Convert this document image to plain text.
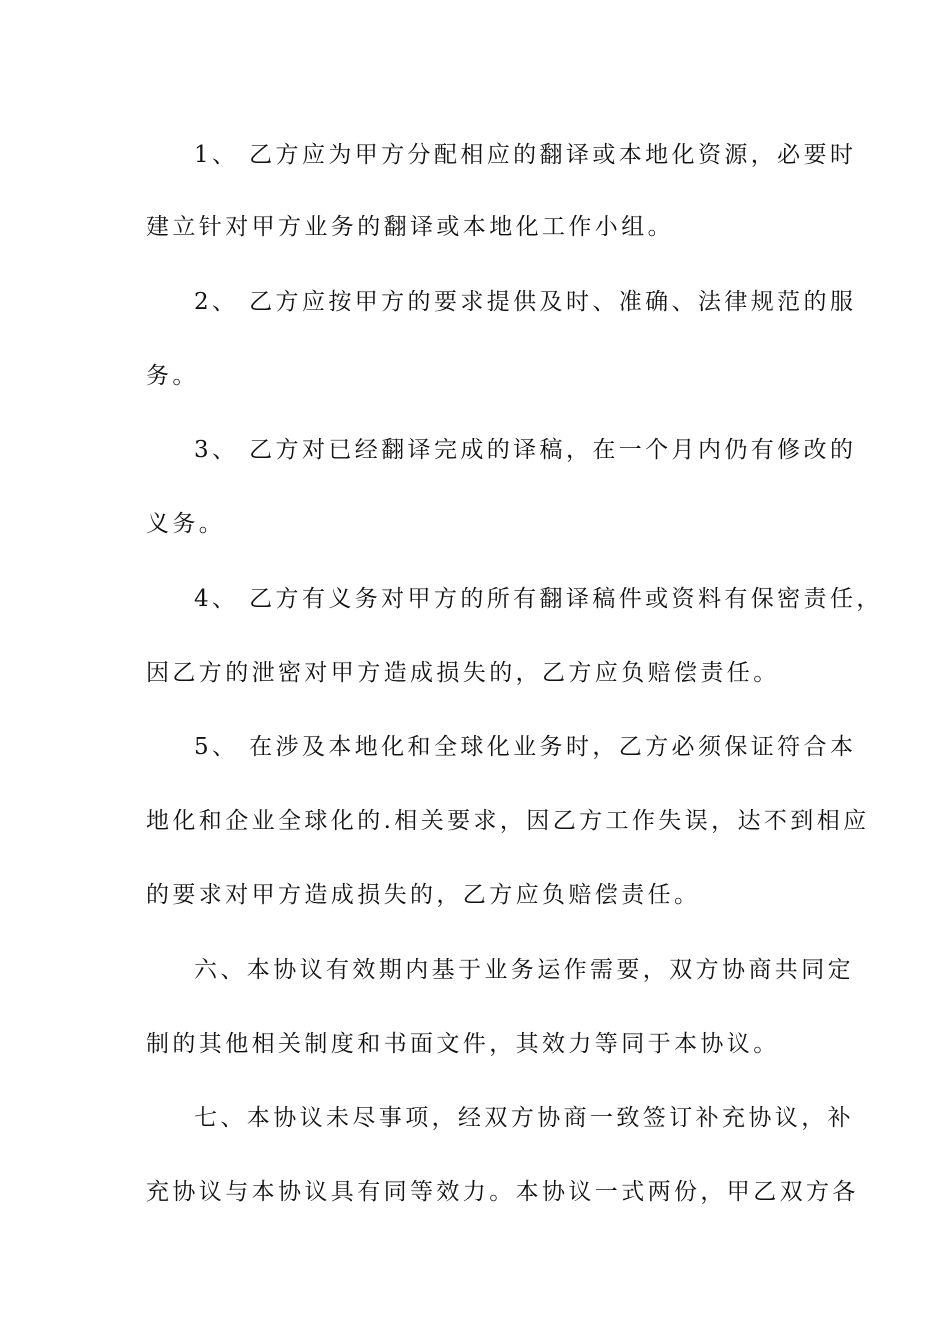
1、 乙方应为甲方分配相应的翻译或本地化资源，必要时
建立针对甲方业务的翻译或本地化工作小组。
2、 乙方应按甲方的要求提供及时、准确、法律规范的服
务。
3、 乙方对已经翻译完成的译稿，在一个月内仍有修改的
义务。
4、 乙方有义务对甲方的所有翻译稿件或资料有保密责任，
因乙方的泄密对甲方造成损失的，乙方应负赔偿责任。
5、 在涉及本地化和全球化业务时，乙方必须保证符合本
地化和企业全球化的.相关要求，因乙方工作失误，达不到相应
的要求对甲方造成损失的，乙方应负赔偿责任。
六、本协议有效期内基于业务运作需要，双方协商共同定
制的其他相关制度和书面文件，其效力等同于本协议。
七、本协议未尽事项，经双方协商一致签订补充协议，补
充协议与本协议具有同等效力。本协议一式两份，甲乙双方各
